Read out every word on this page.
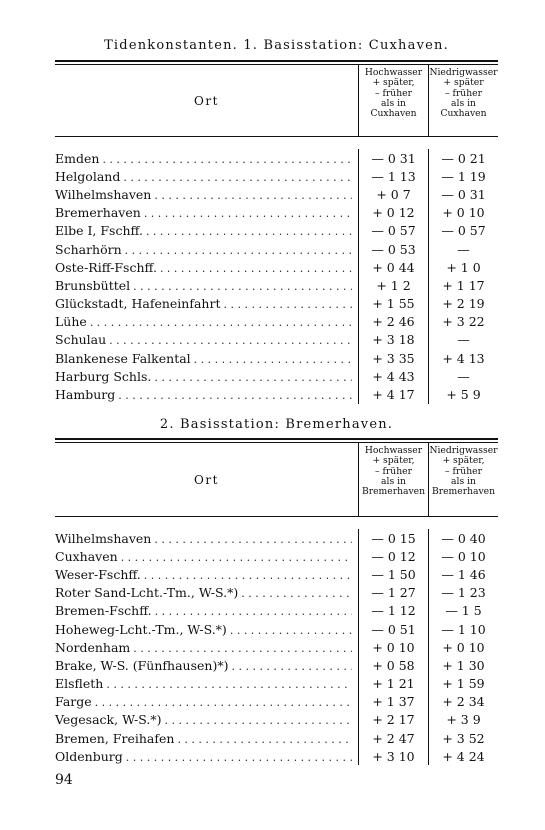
Tidenkonstanten. 1. Basisstation: Cuxhaven.
Ort
Hochwasser
+ später,
– früher
als in
Cuxhaven
Niedrigwasser
+ später
– früher
als in
Cuxhaven
Emden . . .	— 0 31	— 0 21
Helgoland . . .	— 1 13	— 1 19
Wilhelmshaven . . .	+ 0 7	— 0 31
Bremerhaven . . .	+ 0 12	+ 0 10
Elbe I, Fschff. . . .	— 0 57	— 0 57
Scharhörn . . .	— 0 53	—
Oste-Riff-Fschff. . . .	+ 0 44	+ 1 0
Brunsbüttel . . .	+ 1 2	+ 1 17
Glückstadt, Hafeneinfahrt . . .	+ 1 55	+ 2 19
Lühe . . .	+ 2 46	+ 3 22
Schulau . . .	+ 3 18	—
Blankenese Falkental . . .	+ 3 35	+ 4 13
Harburg Schls. . . .	+ 4 43	—
Hamburg . . .	+ 4 17	+ 5 9
2. Basisstation: Bremerhaven.
Ort
Hochwasser
+ später,
– früher
als in
Bremerhaven
Niedrigwasser
+ später,
– früher
als in
Bremerhaven
Wilhelmshaven . . .	— 0 15	— 0 40
Cuxhaven . . .	— 0 12	— 0 10
Weser-Fschff. . . .	— 1 50	— 1 46
Roter Sand-Lcht.-Tm., W-S.*) . . .	— 1 27	— 1 23
Bremen-Fschff. . . .	— 1 12	— 1 5
Hoheweg-Lcht.-Tm., W-S.*) . . .	— 0 51	— 1 10
Nordenham . . .	+ 0 10	+ 0 10
Brake, W-S. (Fünfhausen)*) . . .	+ 0 58	+ 1 30
Elsfleth . . .	+ 1 21	+ 1 59
Farge . . .	+ 1 37	+ 2 34
Vegesack, W-S.*) . . .	+ 2 17	+ 3 9
Bremen, Freihafen . . .	+ 2 47	+ 3 52
Oldenburg . . .	+ 3 10	+ 4 24
94
